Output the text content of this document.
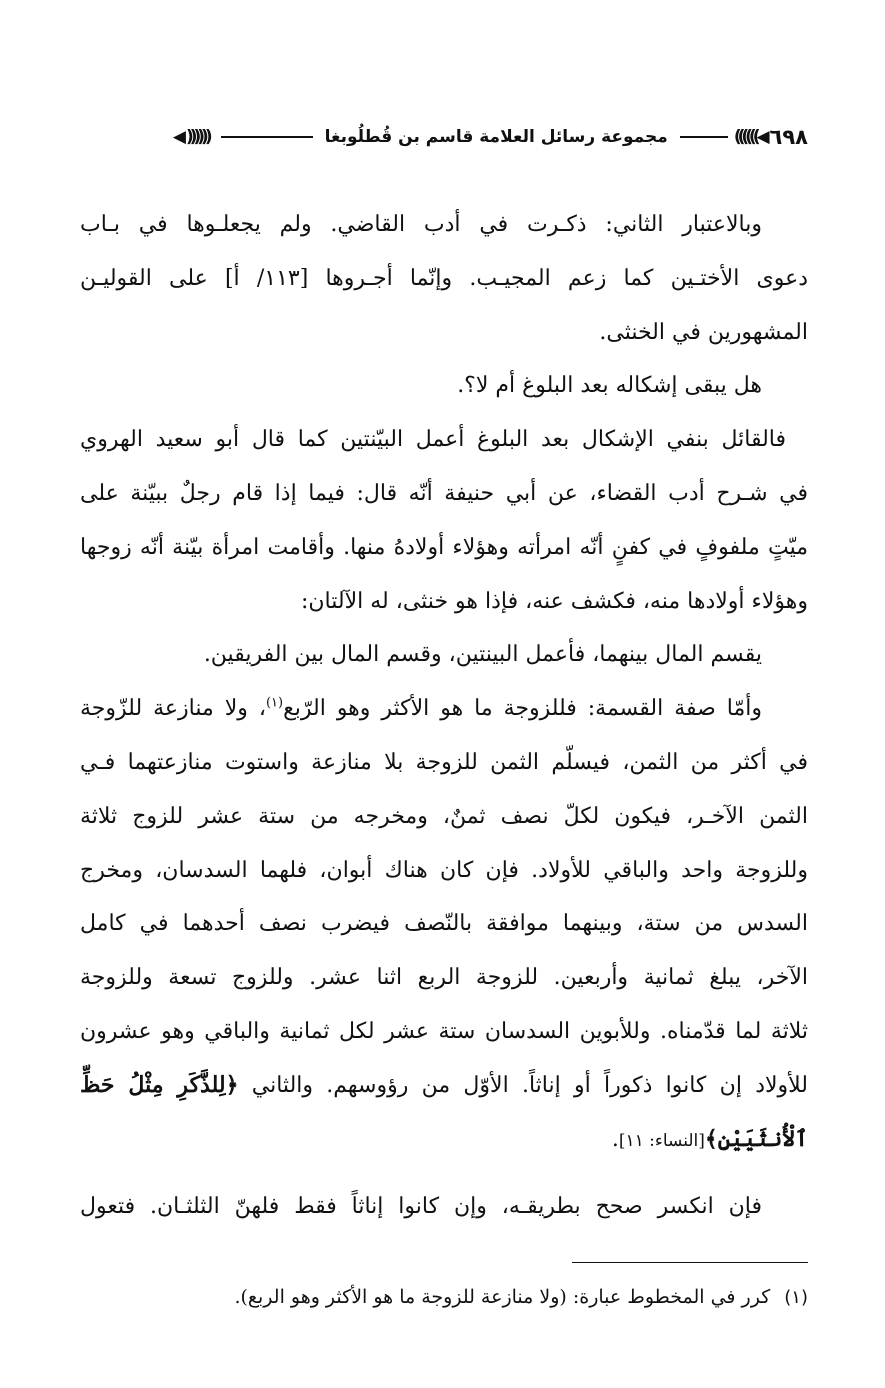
٦٩٨
◀))))))
مجموعة رسائل العلامة قاسم بن قُطلُوبغا
((((((
◀

وبالاعتبار الثاني: ذكـرت في أدب القاضي. ولم يجعلـوها في بـاب
دعوى الأختـين كما زعم المجيـب. وإنّما أجـروها [١١٣/ أ] على القوليـن
المشهورين في الخنثى.

هل يبقى إشكاله بعد البلوغ أم لا؟.

فالقائل بنفي الإشكال بعد البلوغ أعمل البيّنتين كما قال أبو سعيد الهروي
في شـرح أدب القضاء، عن أبي حنيفة أنّه قال: فيما إذا قام رجلٌ ببيّنة على
ميّتٍ ملفوفٍ في كفنٍ أنّه امرأته وهؤلاء أولادهُ منها. وأقامت امرأة بيّنة أنّه زوجها
وهؤلاء أولادها منه، فكشف عنه، فإذا هو خنثى، له الآلتان:

يقسم المال بينهما، فأعمل البينتين، وقسم المال بين الفريقين.

وأمّا صفة القسمة: فللزوجة ما هو الأكثر وهو الرّبع$^{(١)}$، ولا منازعة للزّوجة
في أكثر من الثمن، فيسلّم الثمن للزوجة بلا منازعة واستوت منازعتهما فـي
الثمن الآخـر، فيكون لكلّ نصف ثمنٌ، ومخرجه من ستة عشر للزوج ثلاثة
وللزوجة واحد والباقي للأولاد. فإن كان هناك أبوان، فلهما السدسان، ومخرج
السدس من ستة، وبينهما موافقة بالنّصف فيضرب نصف أحدهما في كامل
الآخر، يبلغ ثمانية وأربعين. للزوجة الربع اثنا عشر. وللزوج تسعة وللزوجة
ثلاثة لما قدّمناه. وللأبوين السدسان ستة عشر لكل ثمانية والباقي وهو عشرون
للأولاد إن كانوا ذكوراً أو إناثاً. الأوّل من رؤوسهم. والثاني ﴿لِلذَّكَرِ مِثْلُ حَظِّ
ٱلْأُنثَيَيْنِ﴾[النساء: ١١].

فإن انكسر صحح بطريقـه، وإن كانوا إناثاً فقط فلهنّ الثلثـان. فتعول

(١)كرر في المخطوط عبارة: (ولا منازعة للزوجة ما هو الأكثر وهو الربع).
